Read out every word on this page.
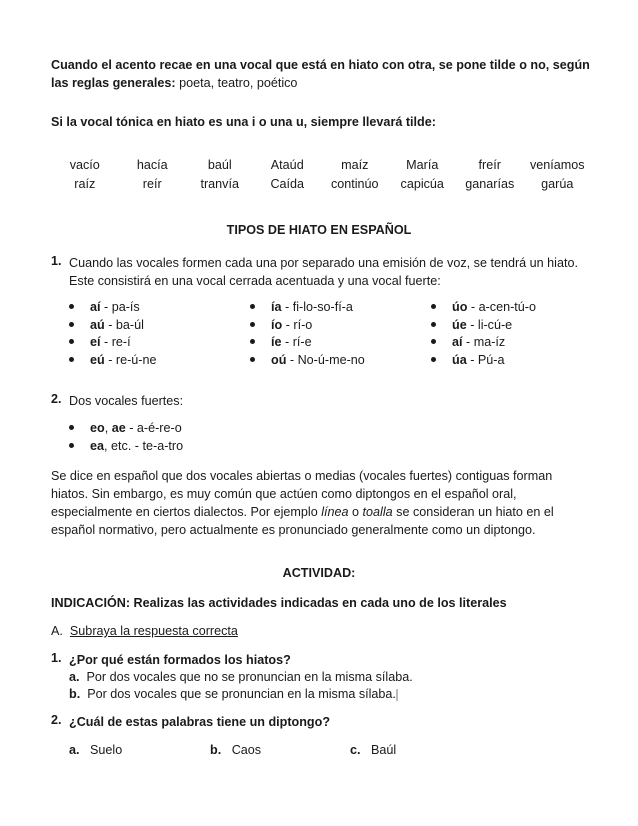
Cuando el acento recae en una vocal que está en hiato con otra, se pone tilde o no, según las reglas generales: poeta, teatro, poético
Si la vocal tónica en hiato es una i o una u, siempre llevará tilde:
vacío	hacía	baúl	Ataúd	maíz	María	freír	veníamos
raíz	reír	tranvía	Caída	continúo	capicúa	ganarías	garúa
TIPOS DE HIATO EN ESPAÑOL
1. Cuando las vocales formen cada una por separado una emisión de voz, se tendrá un hiato. Este consistirá en una vocal cerrada acentuada y una vocal fuerte:
aí - pa-ís
aú - ba-úl
eí - re-í
eú - re-ú-ne
ía - fi-lo-so-fí-a
ío - rí-o
íe - rí-e
oú - No-ú-me-no
úo - a-cen-tú-o
úe - li-cú-e
aí - ma-íz
úa - Pú-a
2. Dos vocales fuertes:
eo, ae - a-é-re-o
ea, etc. - te-a-tro
Se dice en español que dos vocales abiertas o medias (vocales fuertes) contiguas forman hiatos. Sin embargo, es muy común que actúen como diptongos en el español oral, especialmente en ciertos dialectos. Por ejemplo línea o toalla se consideran un hiato en el español normativo, pero actualmente es pronunciado generalmente como un diptongo.
ACTIVIDAD:
INDICACIÓN: Realizas las actividades indicadas en cada uno de los literales
A. Subraya la respuesta correcta
1. ¿Por qué están formados los hiatos?
a. Por dos vocales que no se pronuncian en la misma sílaba.
b. Por dos vocales que se pronuncian en la misma sílaba.
2. ¿Cuál de estas palabras tiene un diptongo?
a. Suelo	b. Caos	c. Baúl
